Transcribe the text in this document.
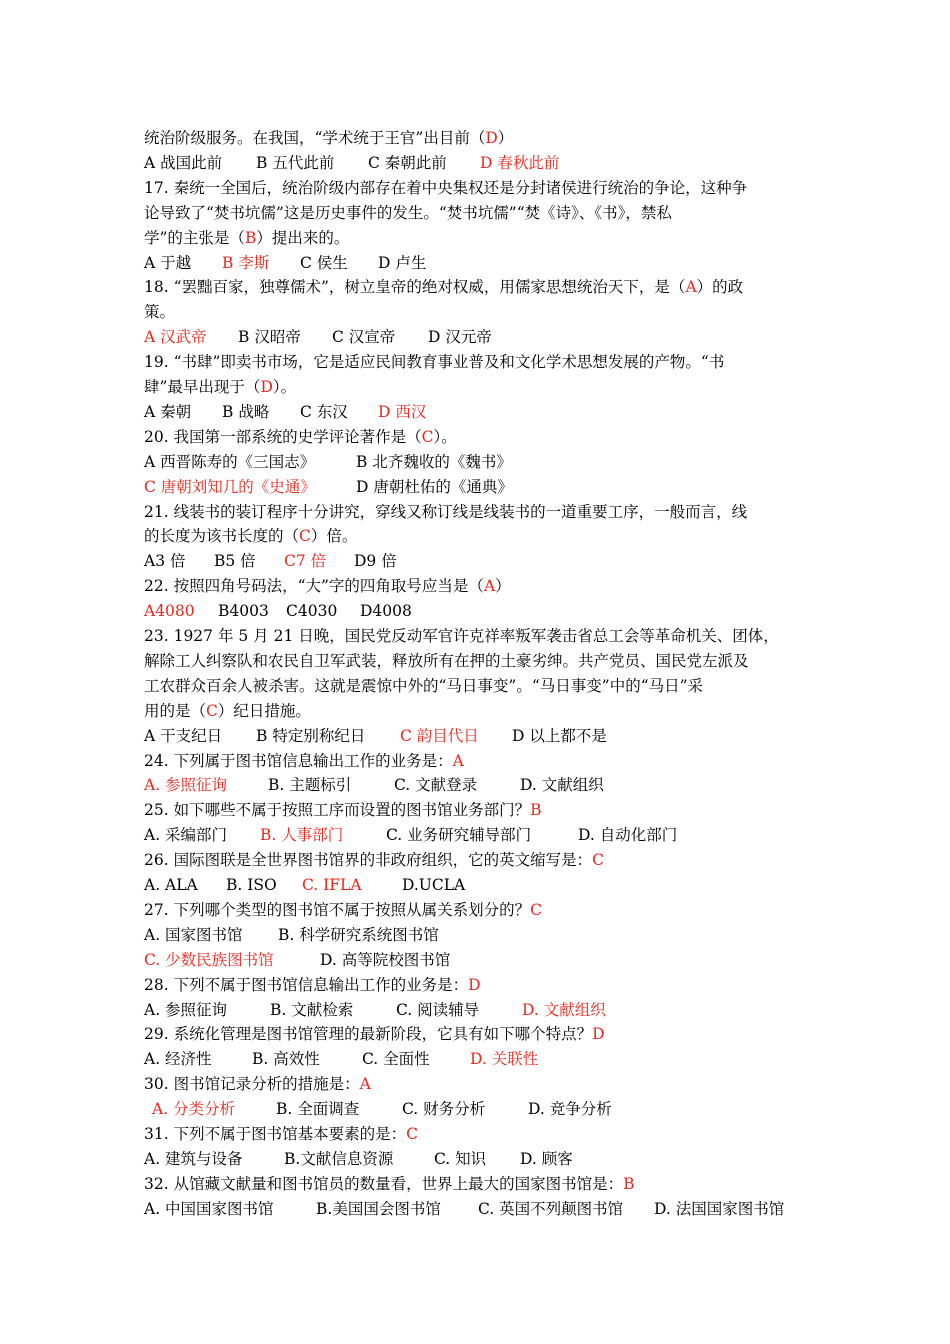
统治阶级服务。在我国，“学术统于王官”出目前（D）
A 战国此前 B 五代此前 C 秦朝此前 D 春秋此前
17. 秦统一全国后，统治阶级内部存在着中央集权还是分封诸侯进行统治的争论，这种争
论导致了“焚书坑儒”这是历史事件的发生。“焚书坑儒”“焚《诗》、《书》，禁私
学”的主张是（B）提出来的。
A 于越 B 李斯 C 侯生 D 卢生
18. “罢黜百家，独尊儒术”，树立皇帝的绝对权威，用儒家思想统治天下，是（A）的政
策。
A 汉武帝 B 汉昭帝 C 汉宣帝 D 汉元帝
19. “书肆”即卖书市场，它是适应民间教育事业普及和文化学术思想发展的产物。“书
肆”最早出现于（D）。
A 秦朝 B 战略 C 东汉 D 西汉
20. 我国第一部系统的史学评论著作是（C）。
A 西晋陈寿的《三国志》	B 北齐魏收的《魏书》
C 唐朝刘知几的《史通》	D 唐朝杜佑的《通典》
21. 线装书的装订程序十分讲究，穿线又称订线是线装书的一道重要工序，一般而言，线
的长度为该书长度的（C）倍。
A3 倍 B5 倍 C7 倍 D9 倍
22. 按照四角号码法，“大”字的四角取号应当是（A）
A4080 B4003 C4030 D4008
23. 1927 年 5 月 21 日晚，国民党反动军官许克祥率叛军袭击省总工会等革命机关、团体，
解除工人纠察队和农民自卫军武装，释放所有在押的土豪劣绅。共产党员、国民党左派及
工农群众百余人被杀害。这就是震惊中外的“马日事变”。“马日事变”中的“马日”采
用的是（C）纪日措施。
A 干支纪日 B 特定别称纪日 C 韵目代日 D 以上都不是
24. 下列属于图书馆信息输出工作的业务是：A
A. 参照征询	B. 主题标引	C. 文献登录	D. 文献组织
25. 如下哪些不属于按照工序而设置的图书馆业务部门？B
A. 采编部门 B. 人事部门	C. 业务研究辅导部门	D. 自动化部门
26. 国际图联是全世界图书馆界的非政府组织，它的英文缩写是：C
A. ALA B. ISO C. IFLA	D.UCLA
27. 下列哪个类型的图书馆不属于按照从属关系划分的？C
A. 国家图书馆 B. 科学研究系统图书馆
C. 少数民族图书馆	D. 高等院校图书馆
28. 下列不属于图书馆信息输出工作的业务是：D
A. 参照征询	B. 文献检索	C. 阅读辅导	D. 文献组织
29. 系统化管理是图书馆管理的最新阶段，它具有如下哪个特点？D
A. 经济性	B. 高效性	C. 全面性	D. 关联性
30. 图书馆记录分析的措施是：A
A. 分类分析	B. 全面调查	C. 财务分析	D. 竞争分析
31. 下列不属于图书馆基本要素的是：C
A. 建筑与设备	B.文献信息资源	C. 知识 D. 顾客
32. 从馆藏文献量和图书馆员的数量看，世界上最大的国家图书馆是：B
A. 中国国家图书馆	B.美国国会图书馆 C. 英国不列颠图书馆 D. 法国国家图书馆
